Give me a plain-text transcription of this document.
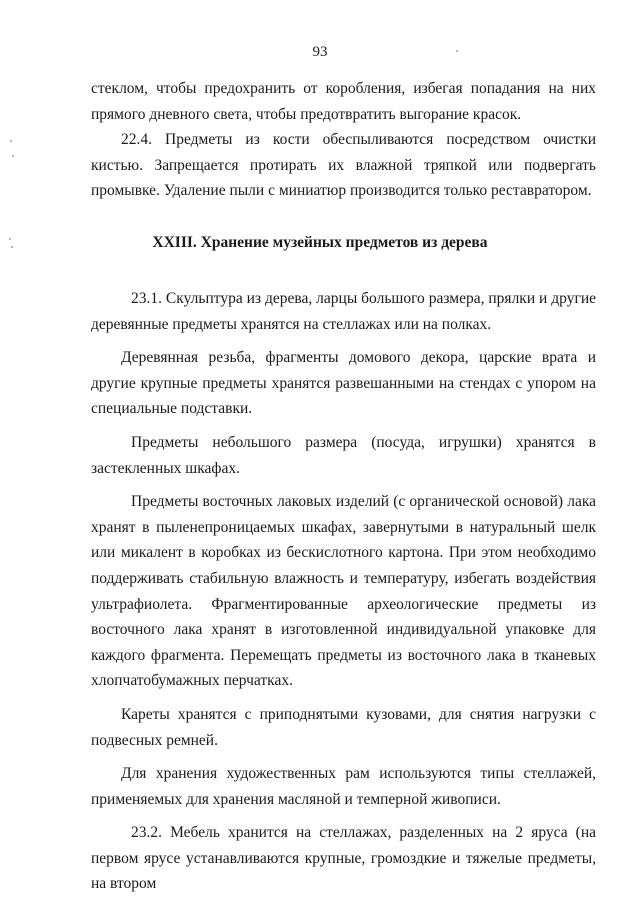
93

стеклом, чтобы предохранить от коробления, избегая попадания на них прямого дневного света, чтобы предотвратить выгорание красок.

22.4. Предметы из кости обеспыливаются посредством очистки кистью. Запрещается протирать их влажной тряпкой или подвергать промывке. Удаление пыли с миниатюр производится только реставратором.

XXIII. Хранение музейных предметов из дерева

23.1. Скульптура из дерева, ларцы большого размера, прялки и другие деревянные предметы хранятся на стеллажах или на полках.

Деревянная резьба, фрагменты домового декора, царские врата и другие крупные предметы хранятся развешанными на стендах с упором на специальные подставки.

Предметы небольшого размера (посуда, игрушки) хранятся в застекленных шкафах.

Предметы восточных лаковых изделий (с органической основой) лака хранят в пыленепроницаемых шкафах, завернутыми в натуральный шелк или микалент в коробках из бескислотного картона. При этом необходимо поддерживать стабильную влажность и температуру, избегать воздействия ультрафиолета. Фрагментированные археологические предметы из восточного лака хранят в изготовленной индивидуальной упаковке для каждого фрагмента. Перемещать предметы из восточного лака в тканевых хлопчатобумажных перчатках.

Кареты хранятся с приподнятыми кузовами, для снятия нагрузки с подвесных ремней.

Для хранения художественных рам используются типы стеллажей, применяемых для хранения масляной и темперной живописи.

23.2. Мебель хранится на стеллажах, разделенных на 2 яруса (на первом ярусе устанавливаются крупные, громоздкие и тяжелые предметы, на втором
